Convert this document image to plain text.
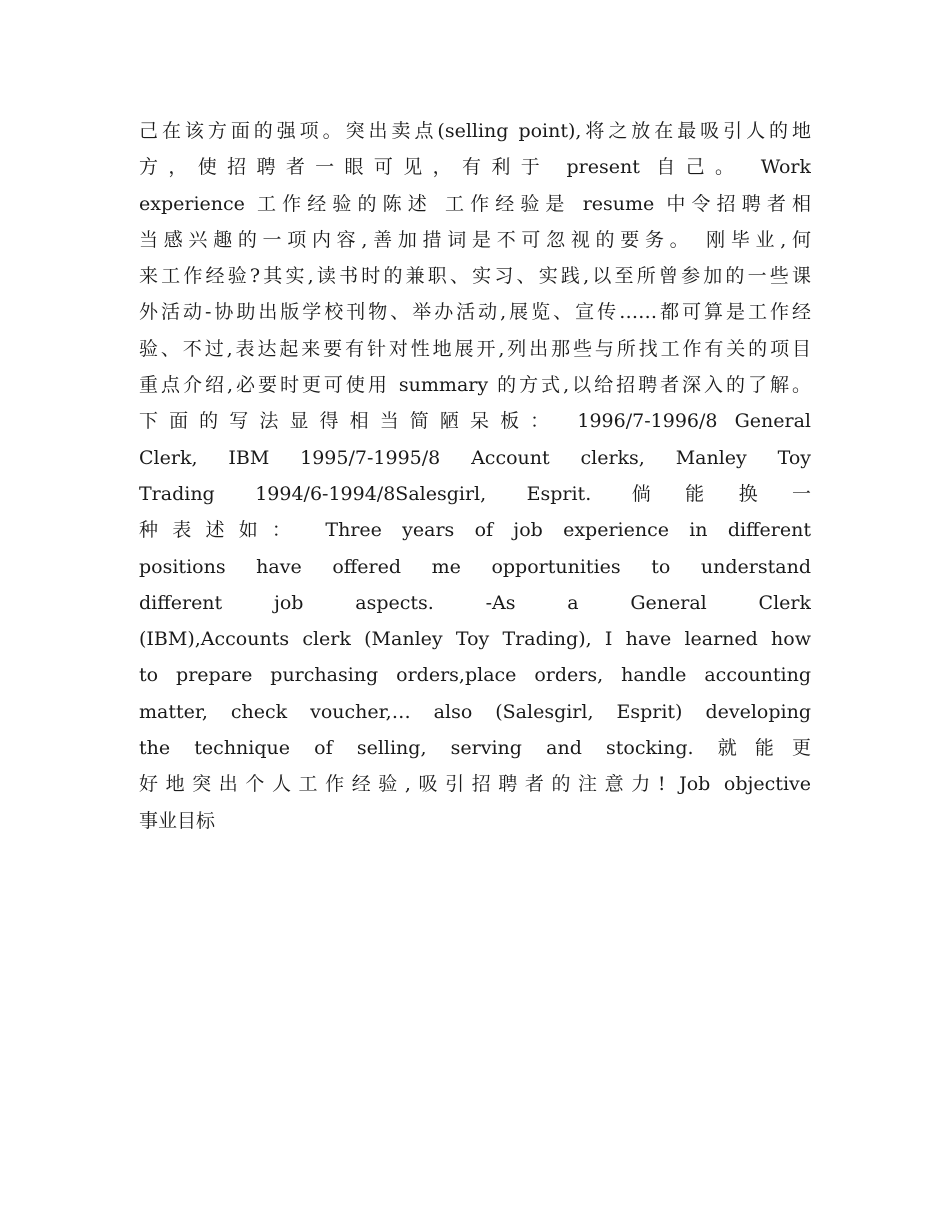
己在该方面的强项。突出卖点(selling point),将之放在最吸引人的地
方，使招聘者一眼可见，有利于 present 自己。 Work
experience 工作经验的陈述 工作经验是 resume 中令招聘者相
当感兴趣的一项内容,善加措词是不可忽视的要务。 刚毕业,何
来工作经验?其实,读书时的兼职、实习、实践,以至所曾参加的一些课
外活动-协助出版学校刊物、举办活动,展览、宣传……都可算是工作经
验、不过,表达起来要有针对性地展开,列出那些与所找工作有关的项目
重点介绍,必要时更可使用 summary 的方式,以给招聘者深入的了解。
下面的写法显得相当简陋呆板： 1996/7-1996/8 General
Clerk, IBM 1995/7-1995/8 Account clerks, Manley Toy
Trading 1994/6-1994/8Salesgirl, Esprit. 倘能换一
种表述如： Three years of job experience in different
positions have offered me opportunities to understand
different job aspects. -As a General Clerk
(IBM),Accounts clerk (Manley Toy Trading), I have learned how
to prepare purchasing orders,place orders, handle accounting
matter, check voucher,… also (Salesgirl, Esprit) developing
the technique of selling, serving and stocking. 就能更
好地突出个人工作经验,吸引招聘者的注意力! Job objective
事业目标
